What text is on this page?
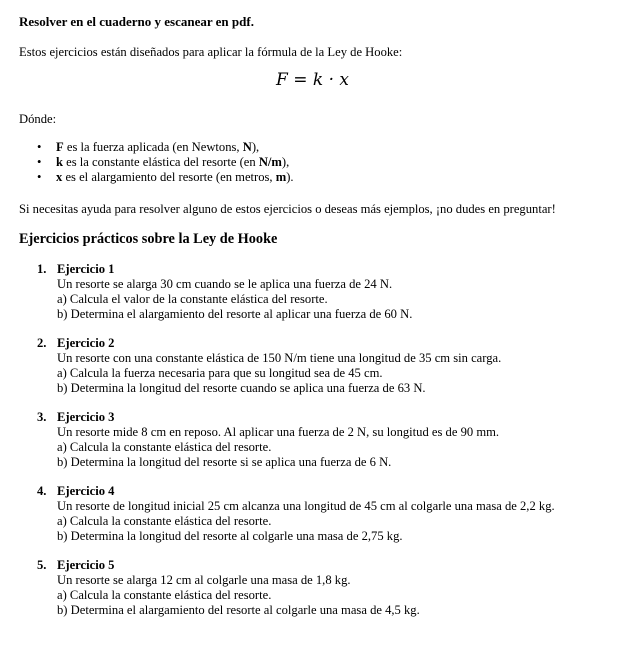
Resolver en el cuaderno y escanear en pdf.
Estos ejercicios están diseñados para aplicar la fórmula de la Ley de Hooke:
F = k · x
Dónde:
• F es la fuerza aplicada (en Newtons, N),
• k es la constante elástica del resorte (en N/m),
• x es el alargamiento del resorte (en metros, m).
Si necesitas ayuda para resolver alguno de estos ejercicios o deseas más ejemplos, ¡no dudes en preguntar!
Ejercicios prácticos sobre la Ley de Hooke
1. Ejercicio 1
Un resorte se alarga 30 cm cuando se le aplica una fuerza de 24 N.
a) Calcula el valor de la constante elástica del resorte.
b) Determina el alargamiento del resorte al aplicar una fuerza de 60 N.
2. Ejercicio 2
Un resorte con una constante elástica de 150 N/m tiene una longitud de 35 cm sin carga.
a) Calcula la fuerza necesaria para que su longitud sea de 45 cm.
b) Determina la longitud del resorte cuando se aplica una fuerza de 63 N.
3. Ejercicio 3
Un resorte mide 8 cm en reposo. Al aplicar una fuerza de 2 N, su longitud es de 90 mm.
a) Calcula la constante elástica del resorte.
b) Determina la longitud del resorte si se aplica una fuerza de 6 N.
4. Ejercicio 4
Un resorte de longitud inicial 25 cm alcanza una longitud de 45 cm al colgarle una masa de 2,2 kg.
a) Calcula la constante elástica del resorte.
b) Determina la longitud del resorte al colgarle una masa de 2,75 kg.
5. Ejercicio 5
Un resorte se alarga 12 cm al colgarle una masa de 1,8 kg.
a) Calcula la constante elástica del resorte.
b) Determina el alargamiento del resorte al colgarle una masa de 4,5 kg.
